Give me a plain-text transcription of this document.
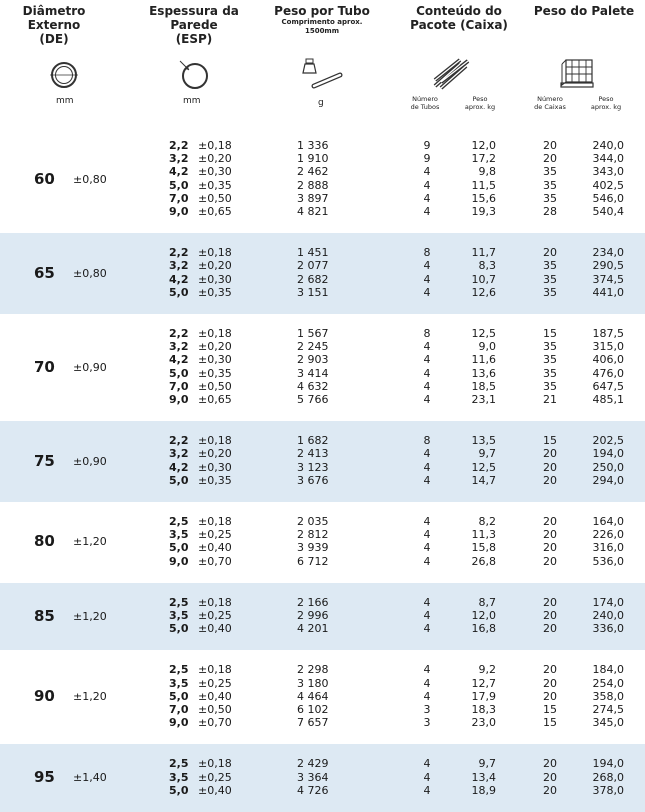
Diâmetro Externo
(DE)
mm
Espessura da Parede
(ESP)
mm
Peso por Tubo
Comprimento aprox.
1500mm
g
Conteúdo do
Pacote (Caixa)
Número
de Tubos
Peso
aprox. kg
Peso do Palete
Número
de Caixas
Peso
aprox. kg
60	±0,80
2,2 ±0,18	1 336	9	12,0	20	240,0
3,2 ±0,20	1 910	9	17,2	20	344,0
4,2 ±0,30	2 462	4	9,8	35	343,0
5,0 ±0,35	2 888	4	11,5	35	402,5
7,0 ±0,50	3 897	4	15,6	35	546,0
9,0 ±0,65	4 821	4	19,3	28	540,4
65	±0,80
2,2 ±0,18	1 451	8	11,7	20	234,0
3,2 ±0,20	2 077	4	8,3	35	290,5
4,2 ±0,30	2 682	4	10,7	35	374,5
5,0 ±0,35	3 151	4	12,6	35	441,0
70	±0,90
2,2 ±0,18	1 567	8	12,5	15	187,5
3,2 ±0,20	2 245	4	9,0	35	315,0
4,2 ±0,30	2 903	4	11,6	35	406,0
5,0 ±0,35	3 414	4	13,6	35	476,0
7,0 ±0,50	4 632	4	18,5	35	647,5
9,0 ±0,65	5 766	4	23,1	21	485,1
75	±0,90
2,2 ±0,18	1 682	8	13,5	15	202,5
3,2 ±0,20	2 413	4	9,7	20	194,0
4,2 ±0,30	3 123	4	12,5	20	250,0
5,0 ±0,35	3 676	4	14,7	20	294,0
80	±1,20
2,5 ±0,18	2 035	4	8,2	20	164,0
3,5 ±0,25	2 812	4	11,3	20	226,0
5,0 ±0,40	3 939	4	15,8	20	316,0
9,0 ±0,70	6 712	4	26,8	20	536,0
85	±1,20
2,5 ±0,18	2 166	4	8,7	20	174,0
3,5 ±0,25	2 996	4	12,0	20	240,0
5,0 ±0,40	4 201	4	16,8	20	336,0
90	±1,20
2,5 ±0,18	2 298	4	9,2	20	184,0
3,5 ±0,25	3 180	4	12,7	20	254,0
5,0 ±0,40	4 464	4	17,9	20	358,0
7,0 ±0,50	6 102	3	18,3	15	274,5
9,0 ±0,70	7 657	3	23,0	15	345,0
95	±1,40
2,5 ±0,18	2 429	4	9,7	20	194,0
3,5 ±0,25	3 364	4	13,4	20	268,0
5,0 ±0,40	4 726	4	18,9	20	378,0
